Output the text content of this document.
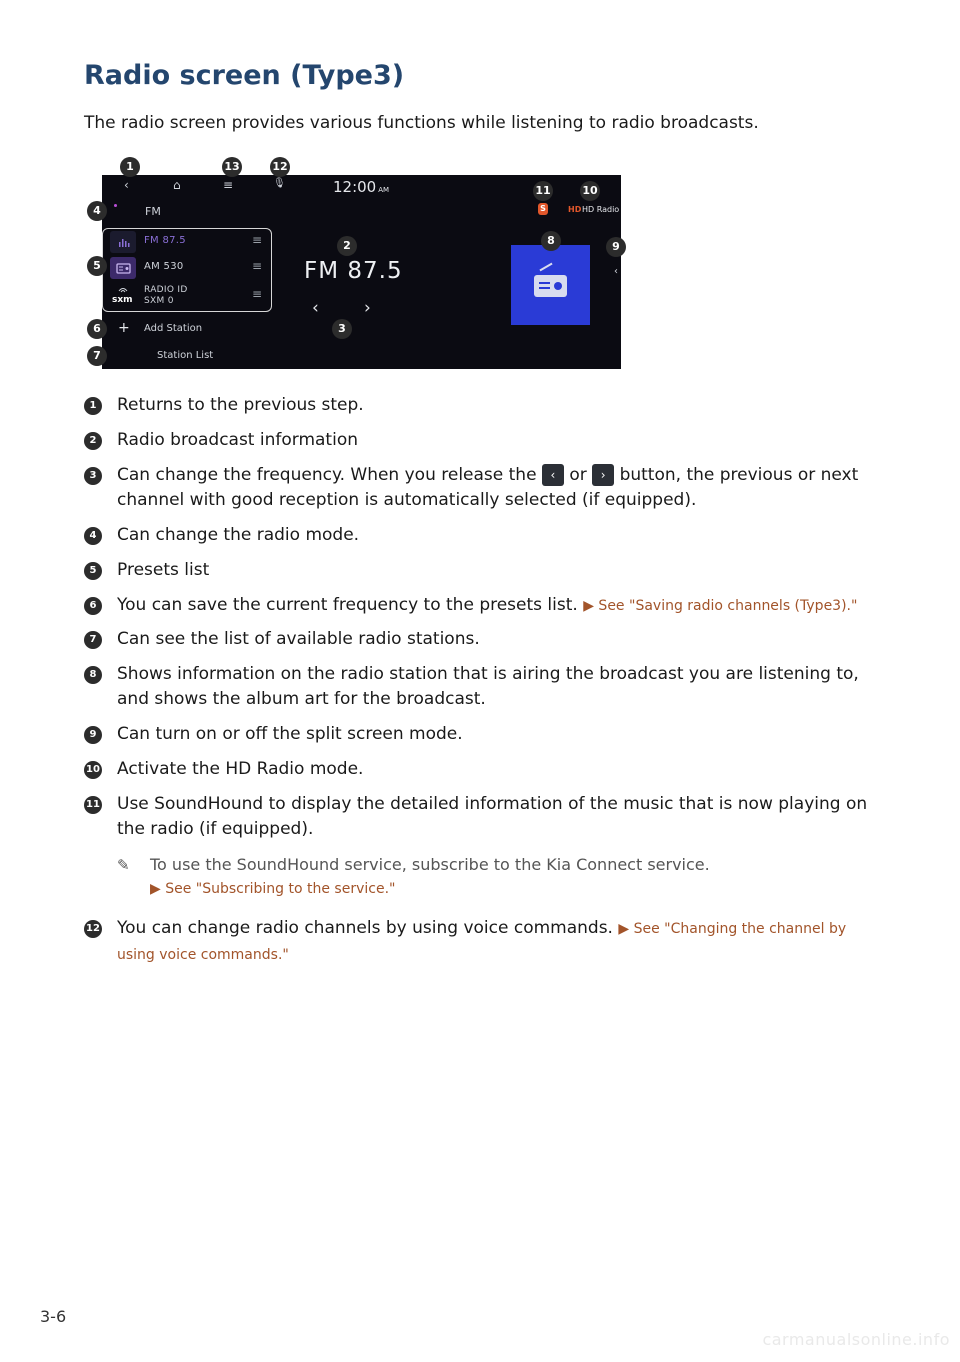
Radio screen (Type3)

The radio screen provides various functions while listening to radio broadcasts.

‹	⌂	≡	🎙	12:00 AM
FM
FM 87.5	≡
AM 530	≡
sxm
RADIO ID
SXM 0	≡
+ Add Station
Station List
FM 87.5
‹	›
S	HD HD Radio
‹
1	13	12
4
11	10
2	8	9
5
6	3
7
1	Returns to the previous step.
2	Radio broadcast information
3	Can change the frequency. When you release the ‹ or › button, the previous or next channel with good reception is automatically selected (if equipped).
4	Can change the radio mode.
5	Presets list
6	You can save the current frequency to the presets list. ▶ See "Saving radio channels (Type3)."
7	Can see the list of available radio stations.
8	Shows information on the radio station that is airing the broadcast you are listening to, and shows the album art for the broadcast.
9	Can turn on or off the split screen mode.
10 Activate the HD Radio mode.
11 Use SoundHound to display the detailed information of the music that is now playing on the radio (if equipped).
✎ To use the SoundHound service, subscribe to the Kia Connect service.
▶ See "Subscribing to the service."
12 You can change radio channels by using voice commands. ▶ See "Changing the channel by using voice commands."
3-6
carmanualsonline.info
